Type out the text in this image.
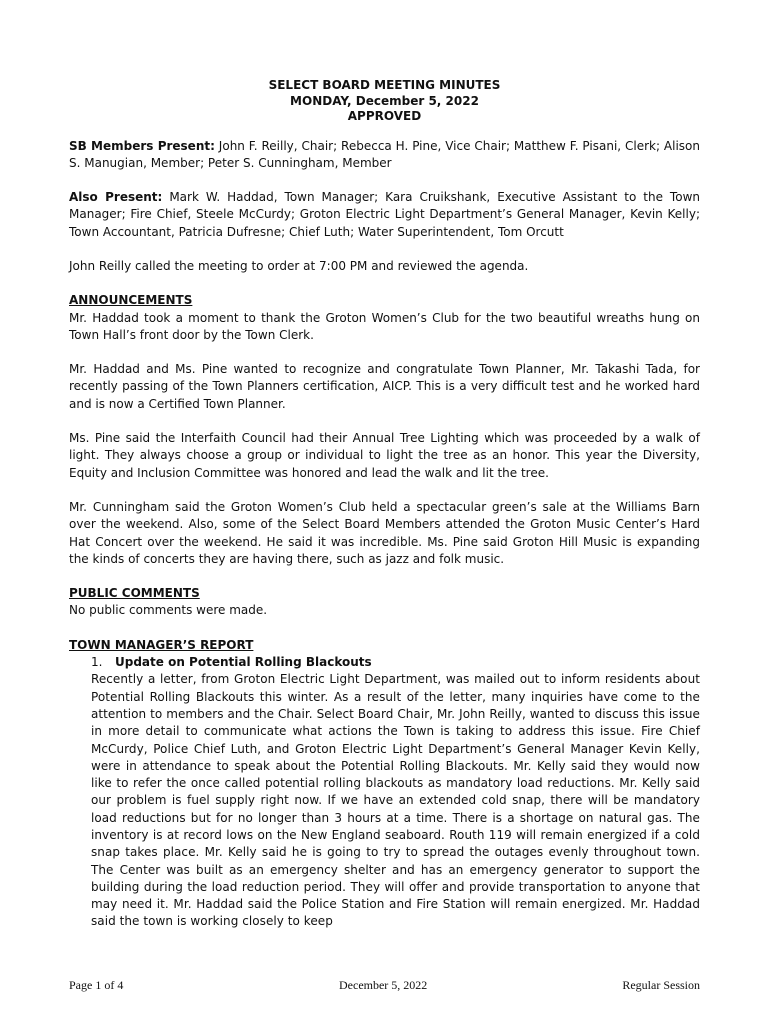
SELECT BOARD MEETING MINUTES

MONDAY, December 5, 2022

APPROVED

SB Members Present: John F. Reilly, Chair; Rebecca H. Pine, Vice Chair; Matthew F. Pisani, Clerk; Alison S. Manugian, Member; Peter S. Cunningham, Member

Also Present: Mark W. Haddad, Town Manager; Kara Cruikshank, Executive Assistant to the Town Manager; Fire Chief, Steele McCurdy; Groton Electric Light Department’s General Manager, Kevin Kelly; Town Accountant, Patricia Dufresne; Chief Luth; Water Superintendent, Tom Orcutt

John Reilly called the meeting to order at 7:00 PM and reviewed the agenda.

ANNOUNCEMENTS

Mr. Haddad took a moment to thank the Groton Women’s Club for the two beautiful wreaths hung on Town Hall’s front door by the Town Clerk.

Mr. Haddad and Ms. Pine wanted to recognize and congratulate Town Planner, Mr. Takashi Tada, for recently passing of the Town Planners certification, AICP. This is a very difficult test and he worked hard and is now a Certified Town Planner.

Ms. Pine said the Interfaith Council had their Annual Tree Lighting which was proceeded by a walk of light. They always choose a group or individual to light the tree as an honor. This year the Diversity, Equity and Inclusion Committee was honored and lead the walk and lit the tree.

Mr. Cunningham said the Groton Women’s Club held a spectacular green’s sale at the Williams Barn over the weekend. Also, some of the Select Board Members attended the Groton Music Center’s Hard Hat Concert over the weekend. He said it was incredible. Ms. Pine said Groton Hill Music is expanding the kinds of concerts they are having there, such as jazz and folk music.

PUBLIC COMMENTS

No public comments were made.

TOWN MANAGER’S REPORT

1. Update on Potential Rolling Blackouts

Recently a letter, from Groton Electric Light Department, was mailed out to inform residents about Potential Rolling Blackouts this winter. As a result of the letter, many inquiries have come to the attention to members and the Chair. Select Board Chair, Mr. John Reilly, wanted to discuss this issue in more detail to communicate what actions the Town is taking to address this issue. Fire Chief McCurdy, Police Chief Luth, and Groton Electric Light Department’s General Manager Kevin Kelly, were in attendance to speak about the Potential Rolling Blackouts. Mr. Kelly said they would now like to refer the once called potential rolling blackouts as mandatory load reductions. Mr. Kelly said our problem is fuel supply right now. If we have an extended cold snap, there will be mandatory load reductions but for no longer than 3 hours at a time. There is a shortage on natural gas. The inventory is at record lows on the New England seaboard. Routh 119 will remain energized if a cold snap takes place. Mr. Kelly said he is going to try to spread the outages evenly throughout town. The Center was built as an emergency shelter and has an emergency generator to support the building during the load reduction period. They will offer and provide transportation to anyone that may need it. Mr. Haddad said the Police Station and Fire Station will remain energized. Mr. Haddad said the town is working closely to keep

Page 1 of 4	December 5, 2022	Regular Session
